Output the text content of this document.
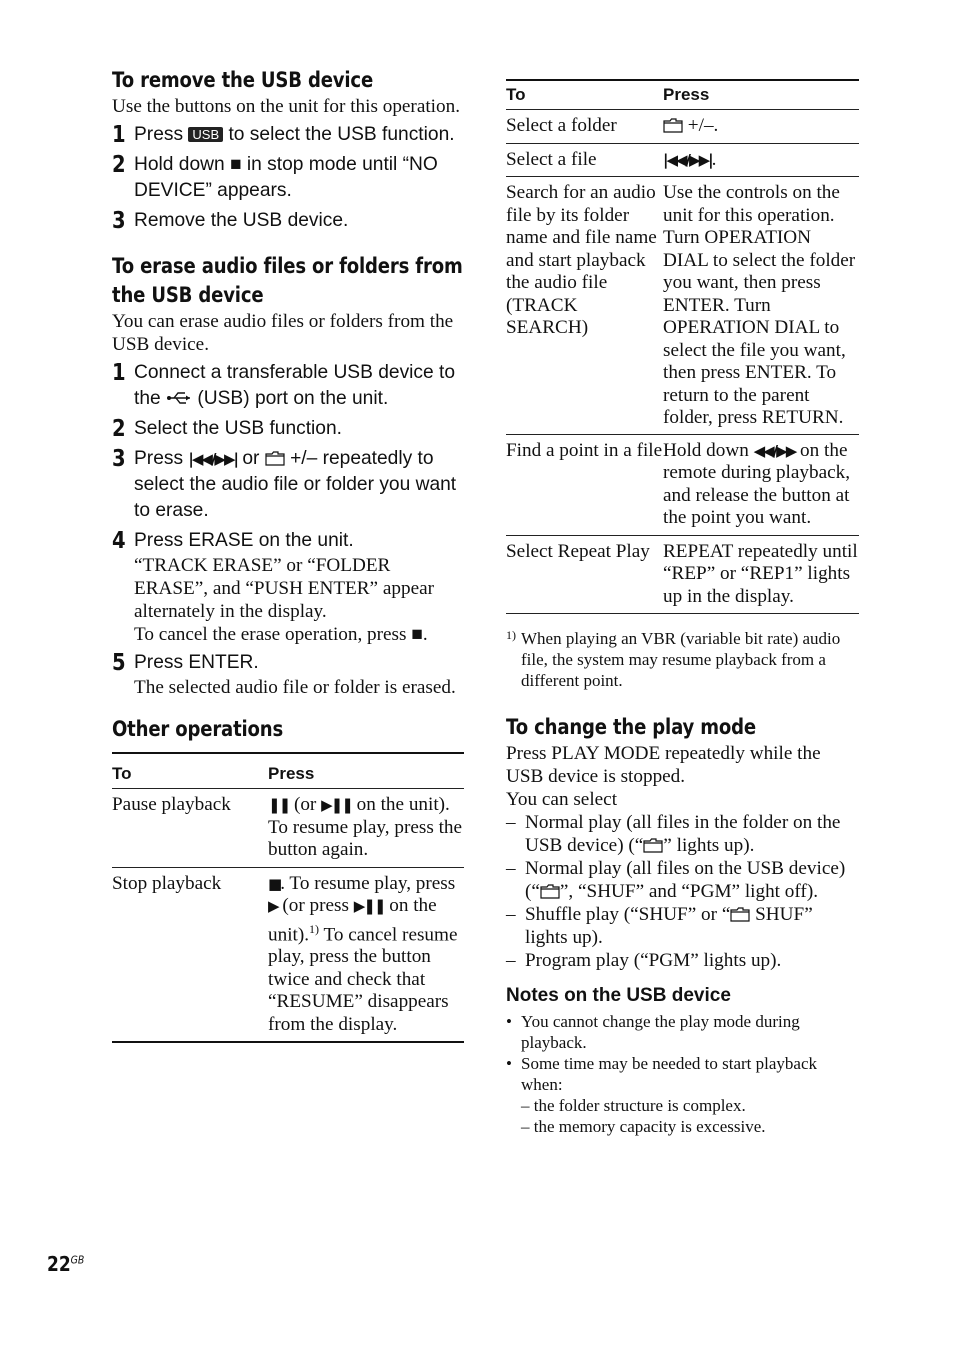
To remove the USB device
Use the buttons on the unit for this operation.
1 Press USB to select the USB function.
2 Hold down ■ in stop mode until “NO DEVICE” appears.
3 Remove the USB device.
To erase audio files or folders from
the USB device
You can erase audio files or folders from the USB device.
1 Connect a transferable USB device to the (USB) port on the unit.
2 Select the USB function.
3 Press |◀◀/▶▶| or +/– repeatedly to select the audio file or folder you want to erase.
4 Press ERASE on the unit.
“TRACK ERASE” or “FOLDER ERASE”, and “PUSH ENTER” appear alternately in the display.
To cancel the erase operation, press ■.
5 Press ENTER.
The selected audio file or folder is erased.
Other operations
To	Press
Pause playback	❚❚ (or ▶❚❚ on the unit). To resume play, press the button again.
Stop playback	■. To resume play, press ▶ (or press ▶❚❚ on the unit).$^{1)}$ To cancel resume play, press the button twice and check that “RESUME” disappears from the display.
To	Press
Select a folder	+/–.
Select a file	|◀◀/▶▶|.
Search for an audio file by its folder name and file name and start playback the audio file (TRACK SEARCH)	Use the controls on the unit for this operation. Turn OPERATION DIAL to select the folder you want, then press ENTER. Turn OPERATION DIAL to select the file you want, then press ENTER. To return to the parent folder, press RETURN.
Find a point in a file	Hold down ◀◀/▶▶ on the remote during playback, and release the button at the point you want.
Select Repeat Play	REPEAT repeatedly until “REP” or “REP1” lights up in the display.
1) When playing an VBR (variable bit rate) audio file, the system may resume playback from a different point.
To change the play mode
Press PLAY MODE repeatedly while the USB device is stopped.
You can select
– Normal play (all files in the folder on the USB device) (“ ” lights up).
– Normal play (all files on the USB device) (“ ”, “SHUF” and “PGM” light off).
– Shuffle play (“SHUF” or “ SHUF” lights up).
– Program play (“PGM” lights up).
Notes on the USB device
• You cannot change the play mode during playback.
• Some time may be needed to start playback when:
– the folder structure is complex.
– the memory capacity is excessive.
$22^{GB}$
